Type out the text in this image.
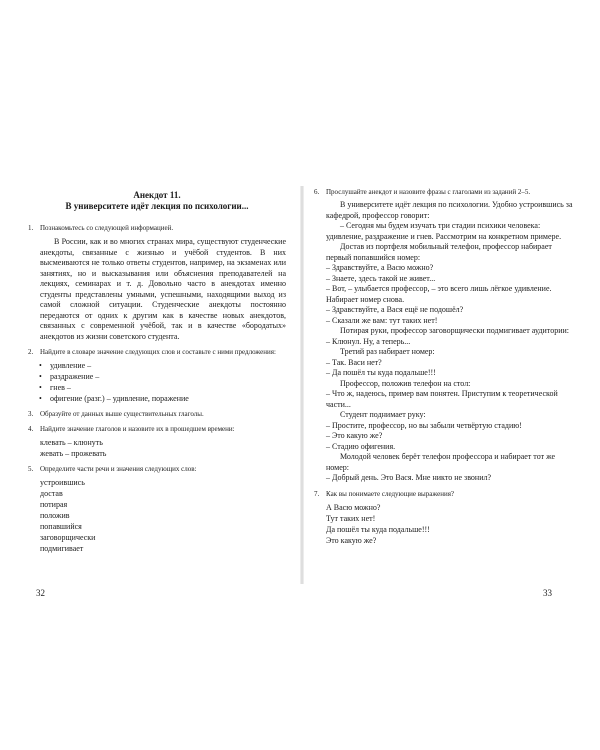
Анекдот 11.
В университете идёт лекция по психологии...
1. Познакомьтесь со следующей информацией.

В России, как и во многих странах мира, существуют студенческие анекдоты, связанные с жизнью и учёбой студентов. В них высмеиваются не только ответы студентов, например, на экзаменах или занятиях, но и высказывания или объяснения преподавателей на лекциях, семинарах и т. д. Довольно часто в анекдотах именно студенты представлены умными, успешными, находящими выход из самой сложной ситуации. Студенческие анекдоты постоянно передаются от одних к другим как в качестве новых анекдотов, связанных с современной учёбой, так и в качестве «бородатых» анекдотов из жизни советского студента.

2. Найдите в словаре значение следующих слов и составьте с ними предложения:
• удивление –
• раздражение –
• гнев –
• офигение (разг.) – удивление, поражение
3. Образуйте от данных выше существительных глаголы.
4. Найдите значение глаголов и назовите их в прошедшем времени:
клевать – клюнуть
жевать – прожевать
5. Определите части речи и значения следующих слов:
устроившись
достав
потирая
положив
попавшийся
заговорщически
подмигивает
32
6. Прослушайте анекдот и назовите фразы с глаголами из заданий 2–5.

В университете идёт лекция по психологии. Удобно устроившись за кафедрой, профессор говорит:

– Сегодня мы будем изучать три стадии психики человека: удивление, раздражение и гнев. Рассмотрим на конкретном примере.

Достав из портфеля мобильный телефон, профессор набирает первый попавшийся номер:

– Здравствуйте, а Васю можно?

– Знаете, здесь такой не живет...

– Вот, – улыбается профессор, – это всего лишь лёгкое удивление. Набирает номер снова.

– Здравствуйте, а Вася ещё не подошёл?

– Сказали же вам: тут таких нет!

Потирая руки, профессор заговорщически подмигивает аудитории:

– Клюнул. Ну, а теперь...

Третий раз набирает номер:

– Так. Васи нет?

– Да пошёл ты куда подальше!!!

Профессор, положив телефон на стол:

– Что ж, надеюсь, пример вам понятен. Приступим к теоретической части...

Студент поднимает руку:

– Простите, профессор, но вы забыли четвёртую стадию!

– Это какую же?

– Стадию офигения.

Молодой человек берёт телефон профессора и набирает тот же номер:

– Добрый день. Это Вася. Мне никто не звонил?

7. Как вы понимаете следующие выражения?
А Васю можно?
Тут таких нет!
Да пошёл ты куда подальше!!!
Это какую же?
33
